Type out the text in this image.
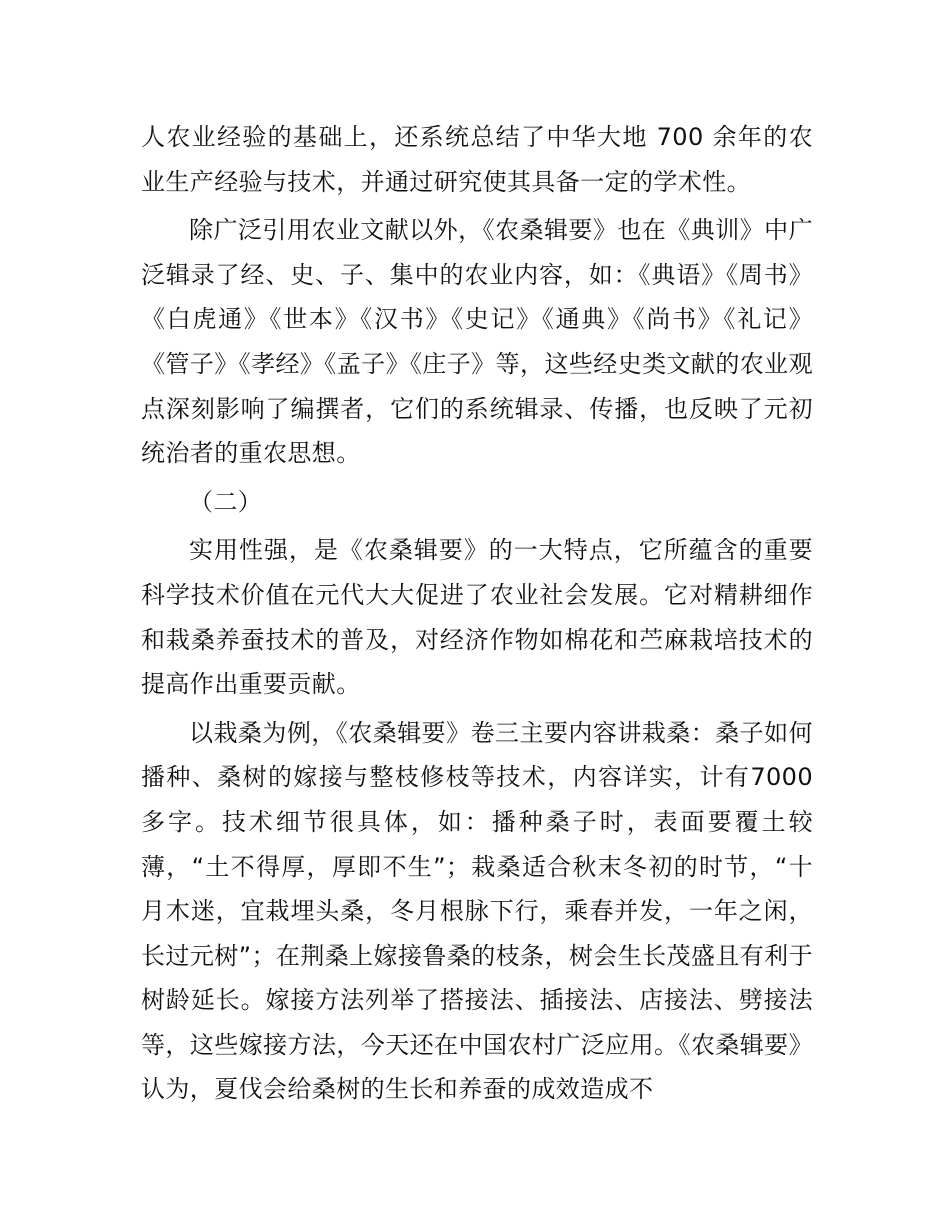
人农业经验的基础上，还系统总结了中华大地 700 余年的农业生产经验与技术，并通过研究使其具备一定的学术性。

除广泛引用农业文献以外，《农桑辑要》也在《典训》中广泛辑录了经、史、子、集中的农业内容，如：《典语》《周书》《白虎通》《世本》《汉书》《史记》《通典》《尚书》《礼记》《管子》《孝经》《孟子》《庄子》等，这些经史类文献的农业观点深刻影响了编撰者，它们的系统辑录、传播，也反映了元初统治者的重农思想。

（二）

实用性强，是《农桑辑要》的一大特点，它所蕴含的重要科学技术价值在元代大大促进了农业社会发展。它对精耕细作和栽桑养蚕技术的普及，对经济作物如棉花和苎麻栽培技术的提高作出重要贡献。

以栽桑为例，《农桑辑要》卷三主要内容讲栽桑：桑子如何播种、桑树的嫁接与整枝修枝等技术，内容详实，计有7000 多字。技术细节很具体，如：播种桑子时，表面要覆土较薄，“土不得厚，厚即不生”；栽桑适合秋末冬初的时节，“十月木迷，宜栽埋头桑，冬月根脉下行，乘春并发，一年之闲，长过元树”；在荆桑上嫁接鲁桑的枝条，树会生长茂盛且有利于树龄延长。嫁接方法列举了搭接法、插接法、店接法、劈接法等，这些嫁接方法，今天还在中国农村广泛应用。《农桑辑要》认为，夏伐会给桑树的生长和养蚕的成效造成不
